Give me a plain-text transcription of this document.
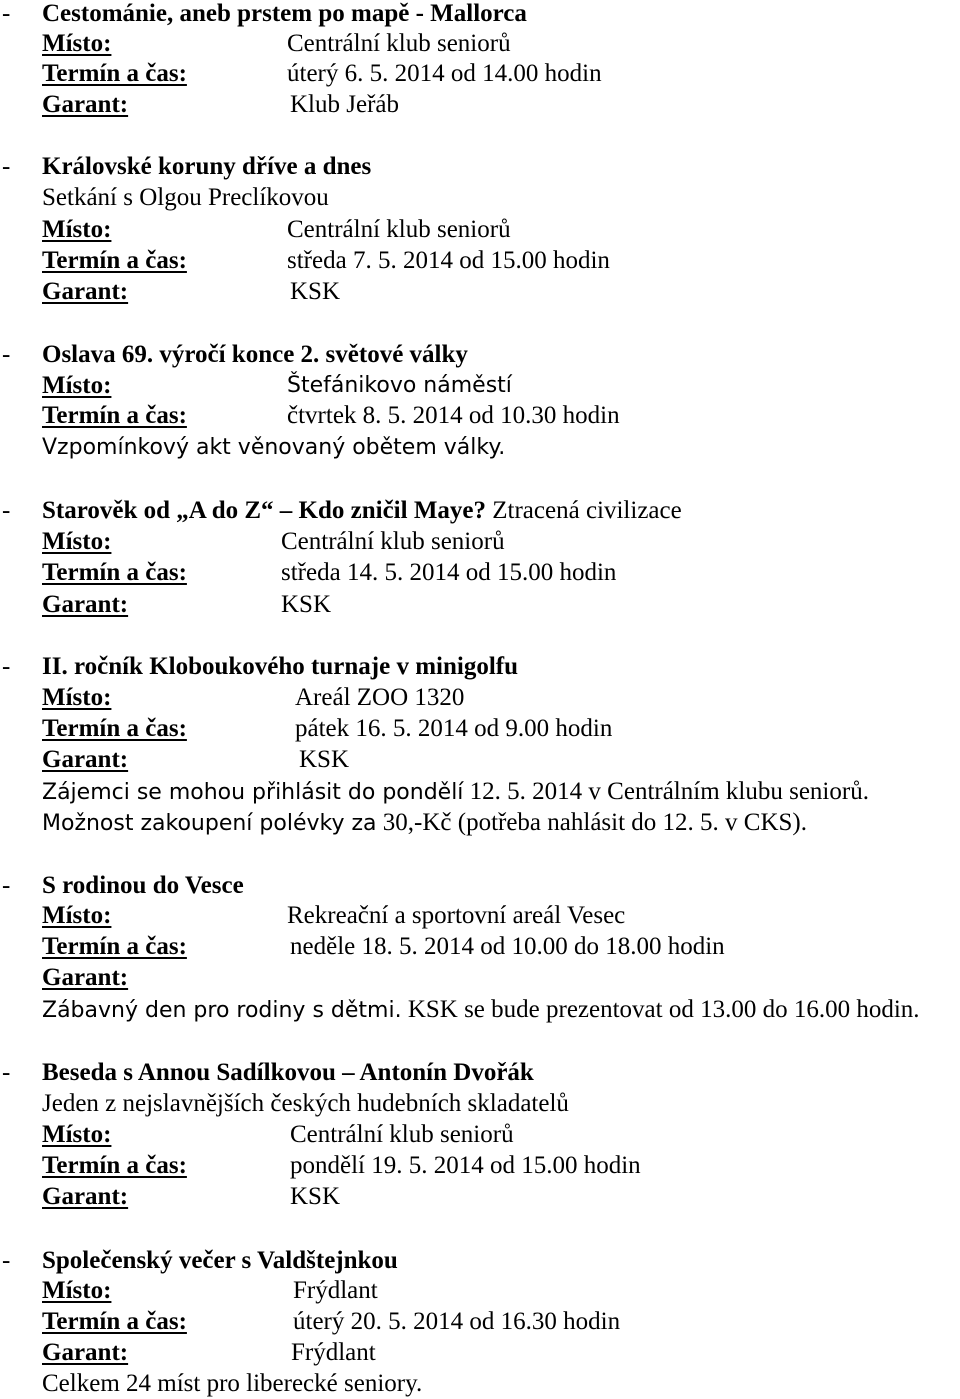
- Cestománie, aneb prstem po mapě - Mallorca
Místo:	Centrální klub seniorů
Termín a čas:	úterý 6. 5. 2014 od 14.00 hodin
Garant:	Klub Jeřáb
- Královské koruny dříve a dnes
Setkání s Olgou Preclíkovou
Místo:	Centrální klub seniorů
Termín a čas:	středa 7. 5. 2014 od 15.00 hodin
Garant:	KSK
- Oslava 69. výročí konce 2. světové války
Místo:	Štefánikovo náměstí
Termín a čas:	čtvrtek 8. 5. 2014 od 10.30 hodin
Vzpomínkový akt věnovaný obětem války.
- Starověk od „A do Z“ – Kdo zničil Maye? Ztracená civilizace
Místo:	Centrální klub seniorů
Termín a čas:	středa 14. 5. 2014 od 15.00 hodin
Garant:	KSK
- II. ročník Kloboukového turnaje v minigolfu
Místo:	Areál ZOO 1320
Termín a čas:	pátek 16. 5. 2014 od 9.00 hodin
Garant:	KSK
Zájemci se mohou přihlásit do pondělí 12. 5. 2014 v Centrálním klubu seniorů.
Možnost zakoupení polévky za 30,-Kč (potřeba nahlásit do 12. 5. v CKS).
- S rodinou do Vesce
Místo:	Rekreační a sportovní areál Vesec
Termín a čas:	neděle 18. 5. 2014 od 10.00 do 18.00 hodin
Garant:
Zábavný den pro rodiny s dětmi. KSK se bude prezentovat od 13.00 do 16.00 hodin.
- Beseda s Annou Sadílkovou – Antonín Dvořák
Jeden z nejslavnějších českých hudebních skladatelů
Místo:	Centrální klub seniorů
Termín a čas:	pondělí 19. 5. 2014 od 15.00 hodin
Garant:	KSK
- Společenský večer s Valdštejnkou
Místo:	Frýdlant
Termín a čas:	úterý 20. 5. 2014 od 16.30 hodin
Garant:	Frýdlant
Celkem 24 míst pro liberecké seniory.
